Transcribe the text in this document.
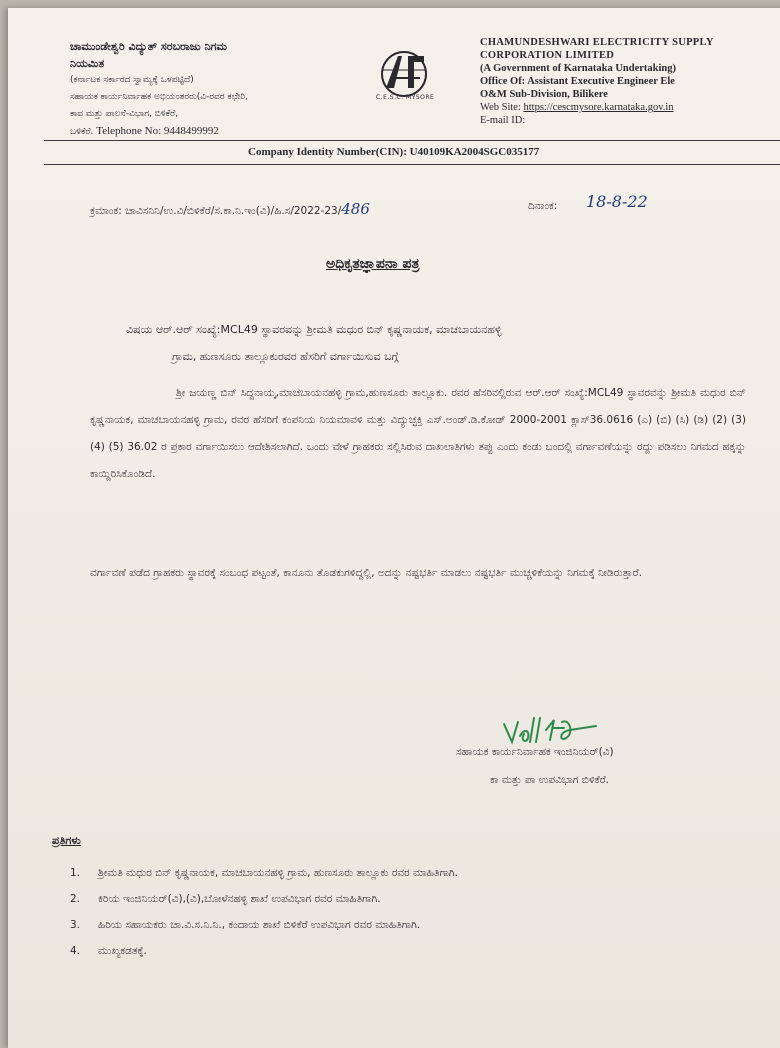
ಚಾಮುಂಡೇಶ್ವರಿ ವಿದ್ಯುತ್ ಸರಬರಾಜು ನಿಗಮ
ನಿಯಮಿತ
(ಕರ್ನಾಟಕ ಸರ್ಕಾರದ ಸ್ವಾಮ್ಯಕ್ಕೆ ಒಳಪಟ್ಟಿದೆ)
ಸಹಾಯಕ ಕಾರ್ಯನಿರ್ವಾಹಕ ಅಭಿಯಂತರರು(ವಿ-ರವರ ಕಛೇರಿ,
ಕಾವ ಮತ್ತು ಪಾಲನೆ-ವಿಭಾಗ, ಬಿಳಿಕೆರೆ,
ಬಳಿಕೆರೆ. Telephone No: 9448499992
C.E.S.C. MYSORE
CHAMUNDESHWARI ELECTRICITY SUPPLY
CORPORATION LIMITED
(A Government of Karnataka Undertaking)
Office Of: Assistant Executive Engineer Ele
O&M Sub-Division, Bilikere
Web Site: https://cescmysore.karnataka.gov.in
E-mail ID:
Company Identity Number(CIN): U40109KA2004SGC035177
ಕ್ರಮಾಂಕ: ಚಾವಿಸನಿನಿ/ಉ.ವಿ/ಬಿಳಿಕೆರೆ/ಸ.ಕಾ.ನಿ.ಇಂ(ವಿ)/ಹಿ.ಸ/2022-23/486	ದಿನಾಂಕ: 18-8-22
ಅಧಿಕೃತಜ್ಞಾಪನಾ ಪತ್ರ
ವಿಷಯ ಆರ್.ಆರ್ ಸಂಖ್ಯೆ:MCL49 ಸ್ಥಾವರವನ್ನು ಶ್ರೀಮತಿ ಮಧುರ ಬಿನ್ ಕೃಷ್ಣನಾಯಕ, ಮಾಚಬಾಯನಹಳ್ಳಿ
ಗ್ರಾಮ, ಹುಣಸೂರು ತಾಲ್ಲೂಕುರವರ ಹೆಸರಿಗೆ ವರ್ಗಾಯಿಸುವ ಬಗ್ಗೆ
ಶ್ರೀ ಜಯಣ್ಣ ಬಿನ್ ಸಿದ್ದನಾಯ್ಕ,ಮಾಚಬಾಯನಹಳ್ಳಿ ಗ್ರಾಮ,ಹುಣಸೂರು ತಾಲ್ಲೂಕು. ರವರ ಹೆಸರಿನಲ್ಲಿರುವ ಆರ್.ಆರ್ ಸಂಖ್ಯೆ:MCL49 ಸ್ಥಾವರವನ್ನು ಶ್ರೀಮತಿ ಮಧುರ ಬಿನ್ ಕೃಷ್ಣನಾಯಕ, ಮಾಚಬಾಯನಹಳ್ಳಿ ಗ್ರಾಮ, ರವರ ಹೆಸರಿಗೆ ಕಂಪನಿಯ ನಿಯಮಾವಳಿ ಮತ್ತು ವಿದ್ಯುಚ್ಛಕ್ತಿ ಎಸ್.ಅಂಡ್.ಡಿ.ಕೋಡ್ 2000-2001 ಕ್ಲಾಸ್36.0616 (ಎ) (ಬಿ) (ಸಿ) (ಡಿ) (2) (3) (4) (5) 36.02 ರ ಪ್ರಕಾರ ವರ್ಗಾಯಿಸಲು ಆದೇಶಿಸಲಾಗಿದೆ. ಒಂದು ವೇಳೆ ಗ್ರಾಹಕರು ಸಲ್ಲಿಸಿರುವ ದಾಖಲಾತಿಗಳು ತಪ್ಪು ಎಂದು ಕಂಡು ಬಂದಲ್ಲಿ ವರ್ಗಾವಣೆಯನ್ನು ರದ್ದು ಪಡಿಸಲು ನಿಗಮದ ಹಕ್ಕನ್ನು ಕಾಯ್ದಿರಿಸಿಕೊಂಡಿದೆ.
ವರ್ಗಾವಣೆ ಪಡೆದ ಗ್ರಾಹಕರು ಸ್ಥಾವರಕ್ಕೆ ಸಂಬಂಧ ಪಟ್ಟಂತೆ, ಕಾನೂನು ತೊಡಕುಗಳಿದ್ದಲ್ಲಿ, ಅದನ್ನು ನಷ್ಟಭರ್ತಿ ಮಾಡಲು ನಷ್ಟಭರ್ತಿ ಮುಚ್ಚಳಿಕೆಯನ್ನು ನಿಗಮಕ್ಕೆ ನೀಡಿರುತ್ತಾರೆ.
ಸಹಾಯಕ ಕಾರ್ಯನಿರ್ವಾಹಕ ಇಂಜಿನಿಯರ್(ವಿ)
ಕಾ ಮತ್ತು ಪಾ ಉಪವಿಭಾಗ ಬಿಳಿಕೆರೆ.
ಪ್ರತಿಗಳು
1.	ಶ್ರೀಮತಿ ಮಧುರ ಬಿನ್ ಕೃಷ್ಣನಾಯಕ, ಮಾಚಬಾಯನಹಳ್ಳಿ ಗ್ರಾಮ, ಹುಣಸೂರು ತಾಲ್ಲೂಕು ರವರ ಮಾಹಿತಿಗಾಗಿ.
2.	ಕಿರಿಯ ಇಂಜಿನಿಯರ್(ವಿ),(ವಿ),ಬೋಳೆನಹಳ್ಳಿ ಶಾಖೆ ಉಪವಿಭಾಗ ರವರ ಮಾಹಿತಿಗಾಗಿ.
3.	ಹಿರಿಯ ಸಹಾಯಕರು ಚಾ.ವಿ.ಸ.ನಿ.ನಿ., ಕಂದಾಯ ಶಾಖೆ ಬಿಳಿಕೆರೆ ಉಪವಿಭಾಗ ರವರ ಮಾಹಿತಿಗಾಗಿ.
4.	ಮುಖ್ಯಕಡತಕ್ಕೆ.
